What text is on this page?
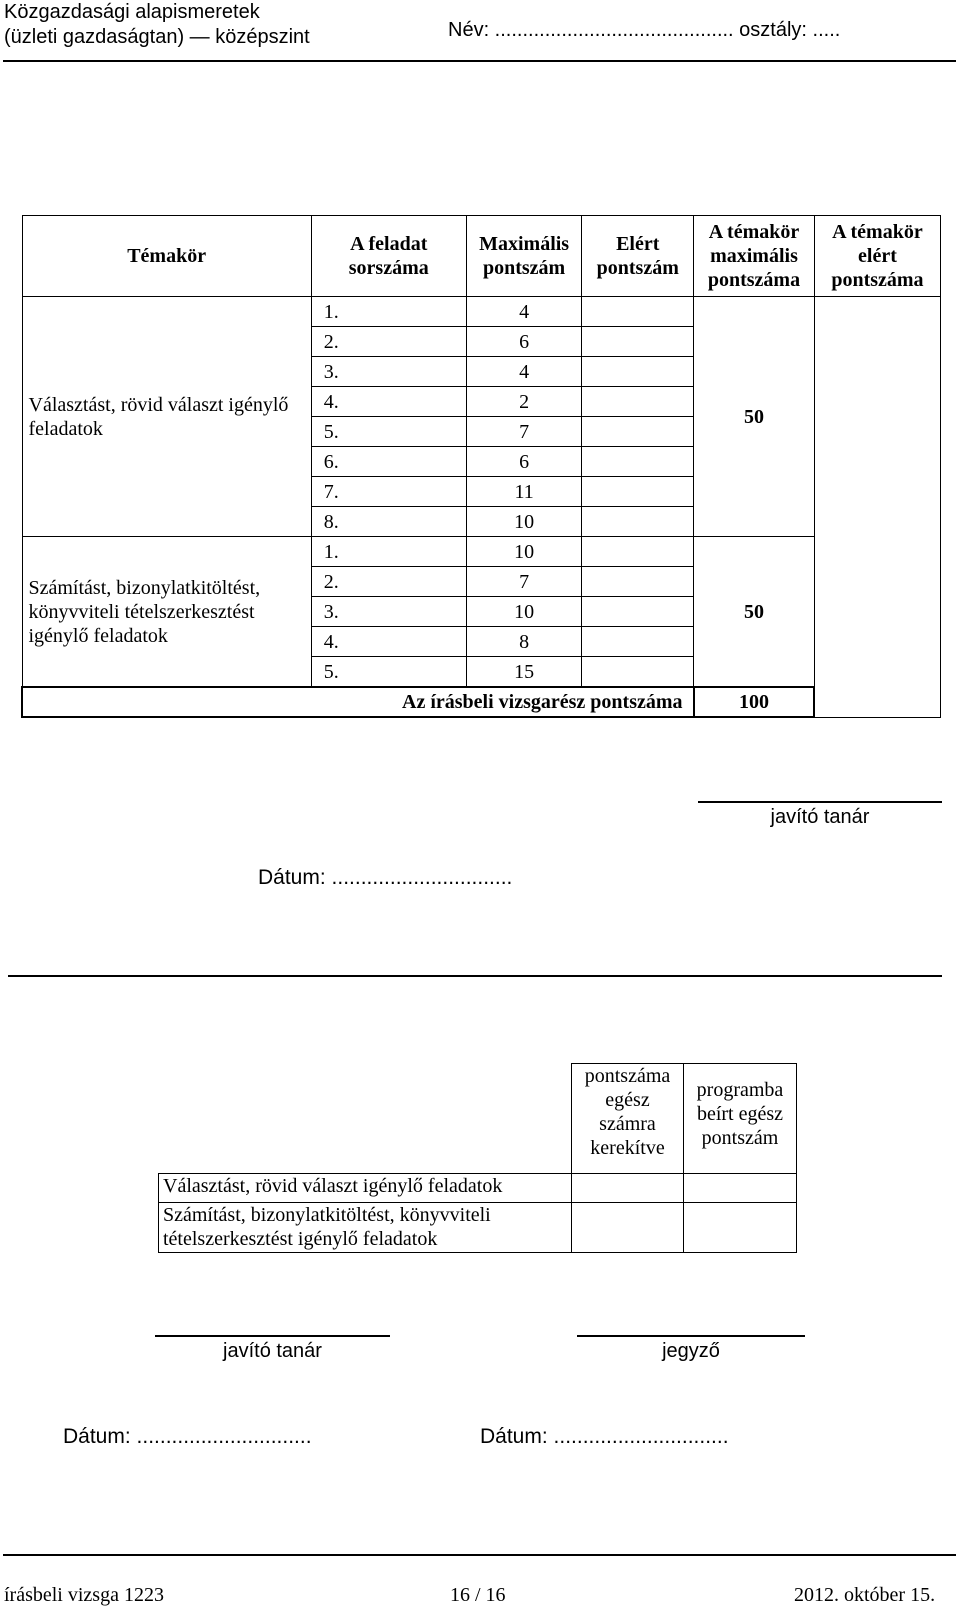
Közgazdasági alapismeretek
(üzleti gazdaságtan) — középszint	Név: ........................................... osztály: .....
Témakör	A feladat sorszáma	Maximális pontszám	Elért pontszám	A témakör maximális pontszáma	A témakör elért pontszáma
Választást, rövid választ igénylő feladatok	1.	4		50	
	2.	6			
	3.	4			
	4.	2			
	5.	7			
	6.	6			
	7.	11			
	8.	10			
Számítást, bizonylatkitöltést, könyvviteli tételszerkesztést igénylő feladatok	1.	10		50	
	2.	7			
	3.	10			
	4.	8			
	5.	15			
Az írásbeli vizsgarész pontszáma				100	
javító tanár
Dátum: ...............................
	pontszáma egész számra kerekítve	programba beírt egész pontszám
Választást, rövid választ igénylő feladatok		
Számítást, bizonylatkitöltést, könyvviteli tételszerkesztést igénylő feladatok		
javító tanár	jegyző
Dátum: ..............................	Dátum: ..............................
írásbeli vizsga 1223	16 / 16	2012. október 15.
